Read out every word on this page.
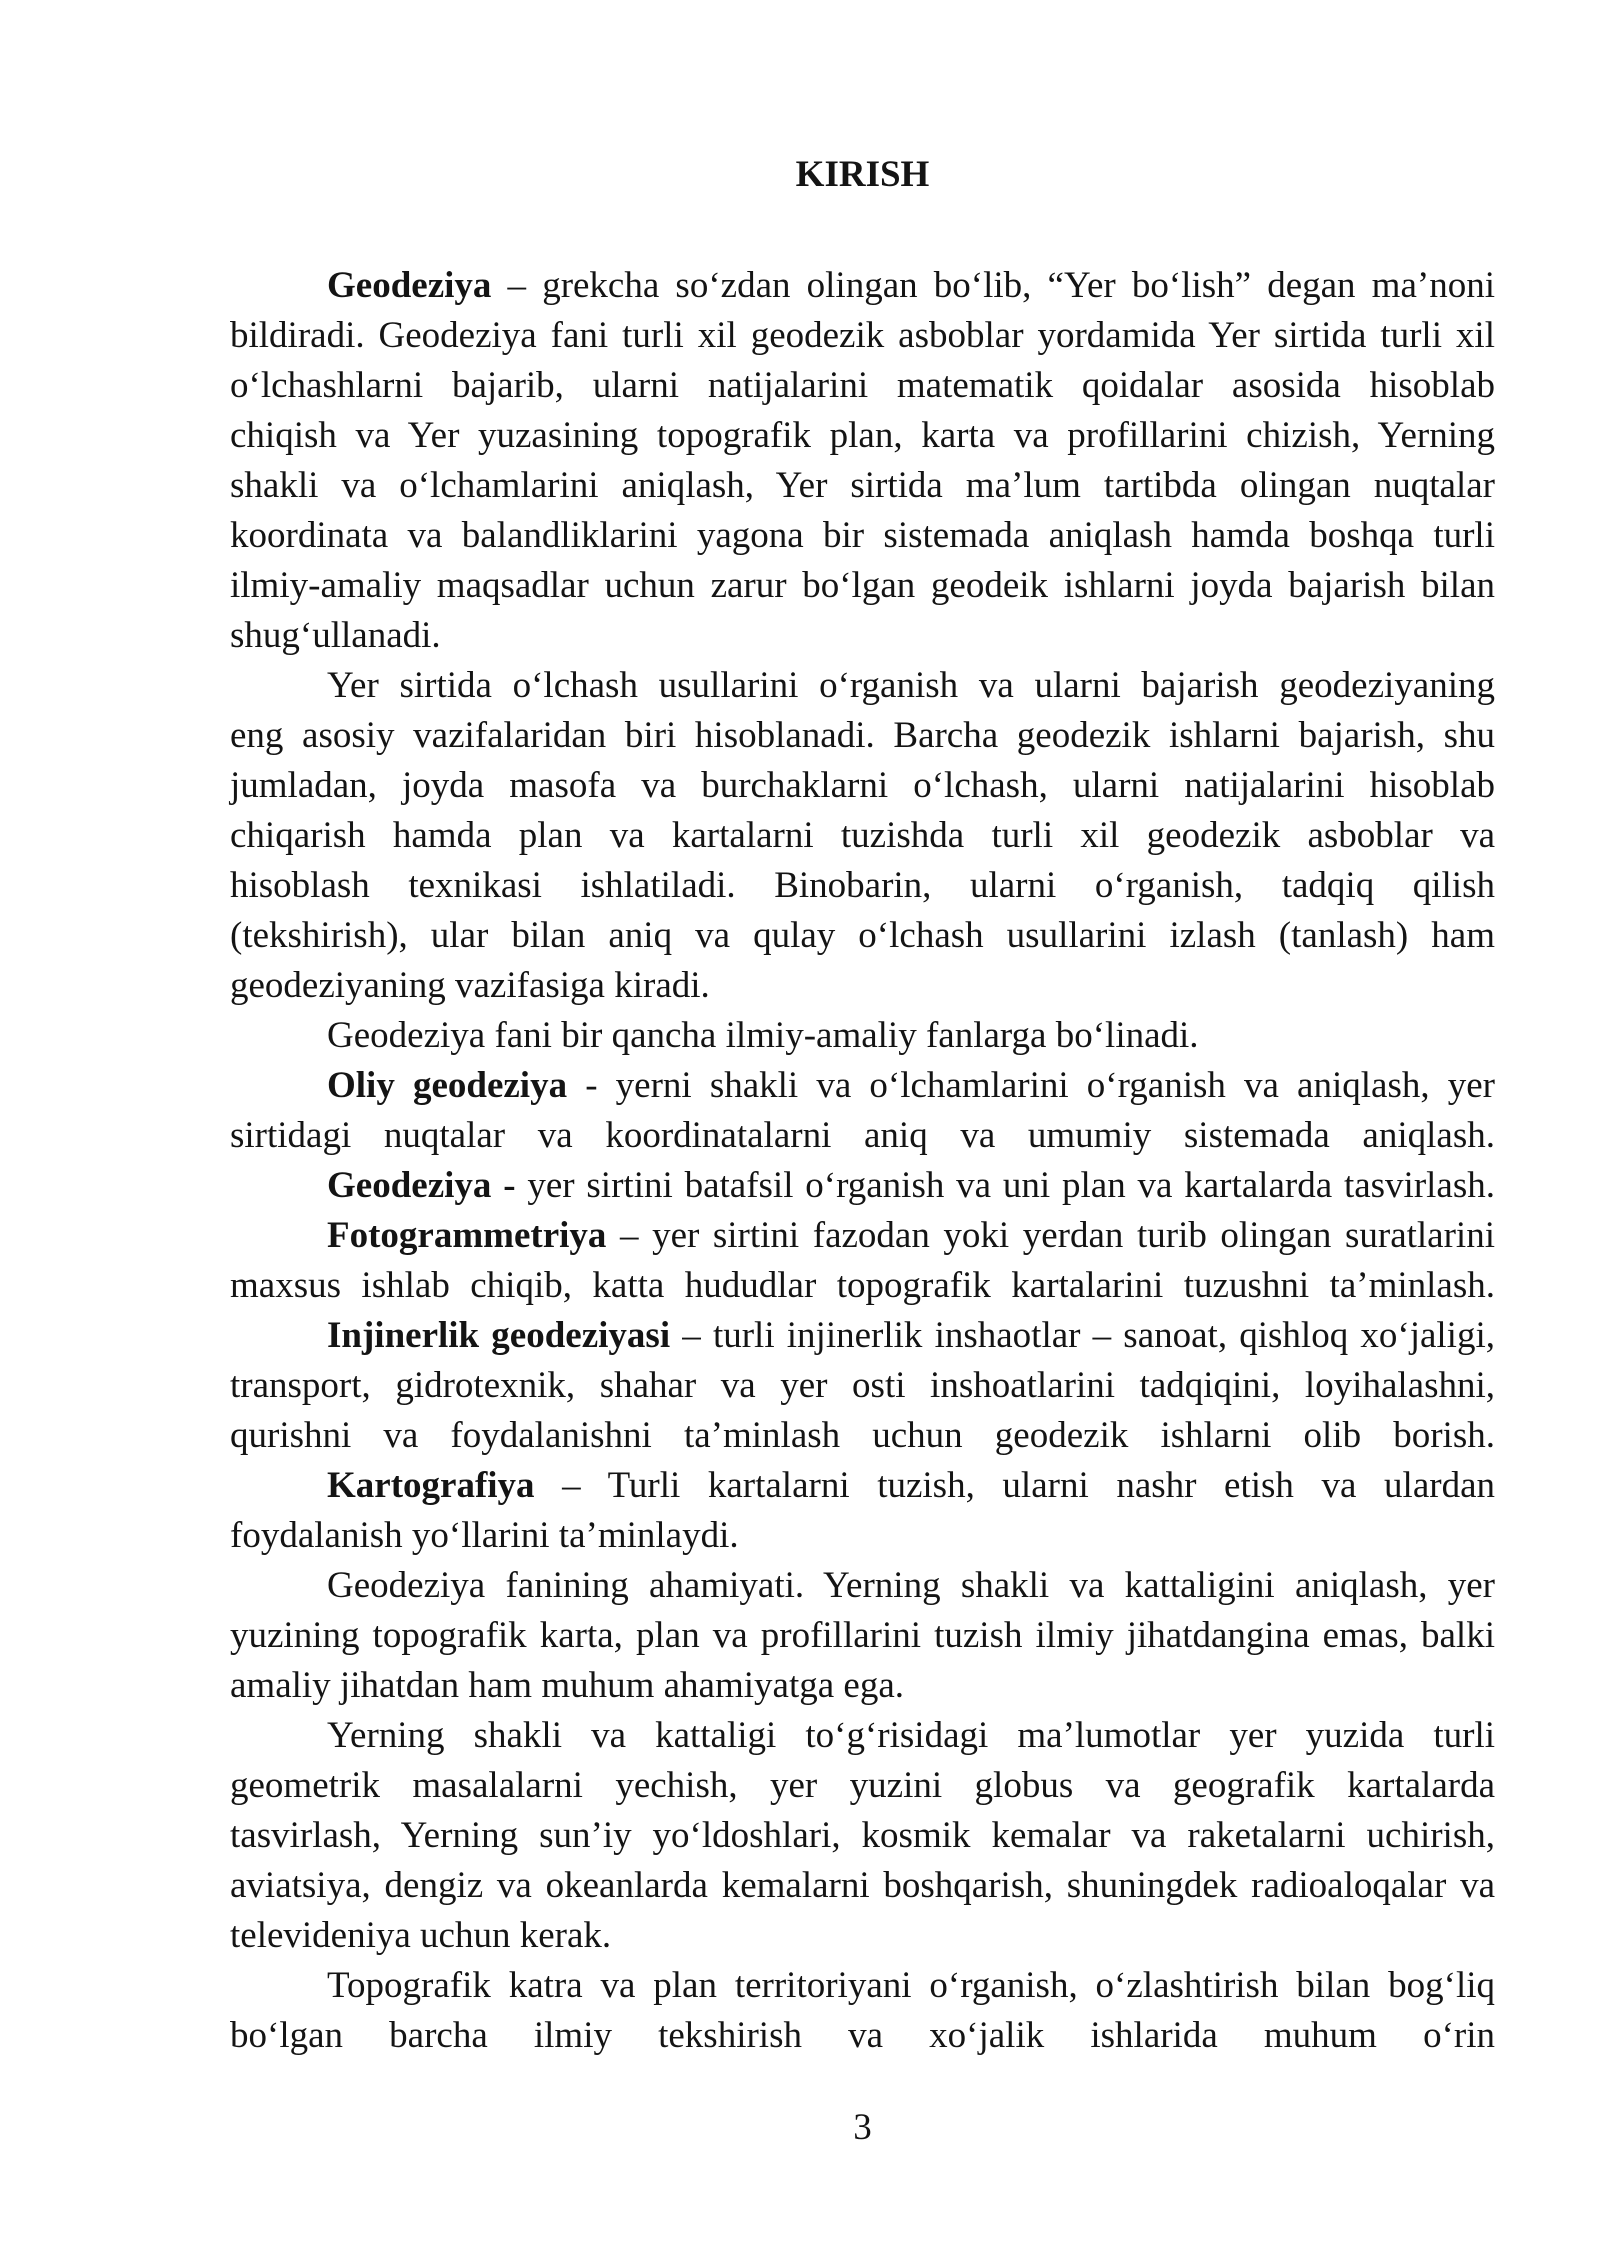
KIRISH
Geodeziya – grekcha so‘zdan olingan bo‘lib, “Yer bo‘lish” degan ma’noni
bildiradi. Geodeziya fani turli xil geodezik asboblar yordamida Yer sirtida turli xil
o‘lchashlarni bajarib, ularni natijalarini matematik qoidalar asosida hisoblab
chiqish va Yer yuzasining topografik plan, karta va profillarini chizish, Yerning
shakli va o‘lchamlarini aniqlash, Yer sirtida ma’lum tartibda olingan nuqtalar
koordinata va balandliklarini yagona bir sistemada aniqlash hamda boshqa turli
ilmiy-amaliy maqsadlar uchun zarur bo‘lgan geodeik ishlarni joyda bajarish bilan
shug‘ullanadi.
Yer sirtida o‘lchash usullarini o‘rganish va ularni bajarish geodeziyaning
eng asosiy vazifalaridan biri hisoblanadi. Barcha geodezik ishlarni bajarish, shu
jumladan, joyda masofa va burchaklarni o‘lchash, ularni natijalarini hisoblab
chiqarish hamda plan va kartalarni tuzishda turli xil geodezik asboblar va
hisoblash texnikasi ishlatiladi. Binobarin, ularni o‘rganish, tadqiq qilish
(tekshirish), ular bilan aniq va qulay o‘lchash usullarini izlash (tanlash) ham
geodeziyaning vazifasiga kiradi.
Geodeziya fani bir qancha ilmiy-amaliy fanlarga bo‘linadi.
Oliy geodeziya - yerni shakli va o‘lchamlarini o‘rganish va aniqlash, yer
sirtidagi nuqtalar va koordinatalarni aniq va umumiy sistemada aniqlash.
Geodeziya - yer sirtini batafsil o‘rganish va uni plan va kartalarda tasvirlash.
Fotogrammetriya – yer sirtini fazodan yoki yerdan turib olingan suratlarini
maxsus ishlab chiqib, katta hududlar topografik kartalarini tuzushni ta’minlash.
Injinerlik geodeziyasi – turli injinerlik inshaotlar – sanoat, qishloq xo‘jaligi,
transport, gidrotexnik, shahar va yer osti inshoatlarini tadqiqini, loyihalashni,
qurishni va foydalanishni ta’minlash uchun geodezik ishlarni olib borish.
Kartografiya – Turli kartalarni tuzish, ularni nashr etish va ulardan
foydalanish yo‘llarini ta’minlaydi.
Geodeziya fanining ahamiyati. Yerning shakli va kattaligini aniqlash, yer
yuzining topografik karta, plan va profillarini tuzish ilmiy jihatdangina emas, balki
amaliy jihatdan ham muhum ahamiyatga ega.
Yerning shakli va kattaligi to‘g‘risidagi ma’lumotlar yer yuzida turli
geometrik masalalarni yechish, yer yuzini globus va geografik kartalarda
tasvirlash, Yerning sun’iy yo‘ldoshlari, kosmik kemalar va raketalarni uchirish,
aviatsiya, dengiz va okeanlarda kemalarni boshqarish, shuningdek radioaloqalar va
televideniya uchun kerak.
Topografik katra va plan territoriyani o‘rganish, o‘zlashtirish bilan bog‘liq
bo‘lgan barcha ilmiy tekshirish va xo‘jalik ishlarida muhum o‘rin
3
